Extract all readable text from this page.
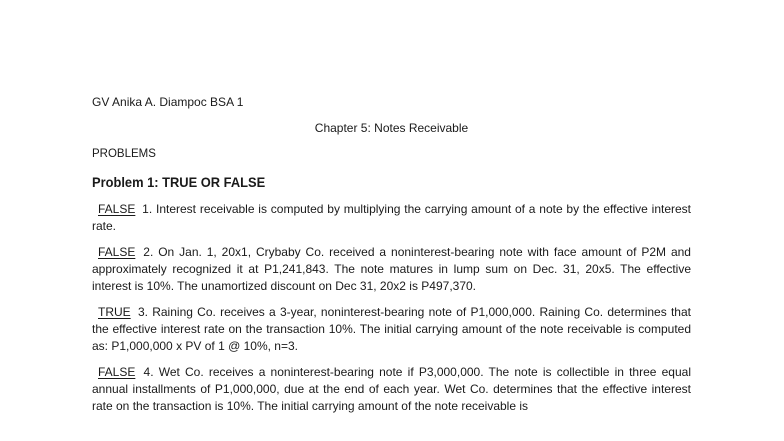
GV Anika A. Diampoc BSA 1

Chapter 5: Notes Receivable

PROBLEMS

Problem 1: TRUE OR FALSE

FALSE 1. Interest receivable is computed by multiplying the carrying amount of a note by the effective interest rate.

FALSE 2. On Jan. 1, 20x1, Crybaby Co. received a noninterest-bearing note with face amount of P2M and approximately recognized it at P1,241,843. The note matures in lump sum on Dec. 31, 20x5. The effective interest is 10%. The unamortized discount on Dec 31, 20x2 is P497,370.

TRUE 3. Raining Co. receives a 3-year, noninterest-bearing note of P1,000,000. Raining Co. determines that the effective interest rate on the transaction 10%. The initial carrying amount of the note receivable is computed as: P1,000,000 x PV of 1 @ 10%, n=3.

FALSE 4. Wet Co. receives a noninterest-bearing note if P3,000,000. The note is collectible in three equal annual installments of P1,000,000, due at the end of each year. Wet Co. determines that the effective interest rate on the transaction is 10%. The initial carrying amount of the note receivable is
